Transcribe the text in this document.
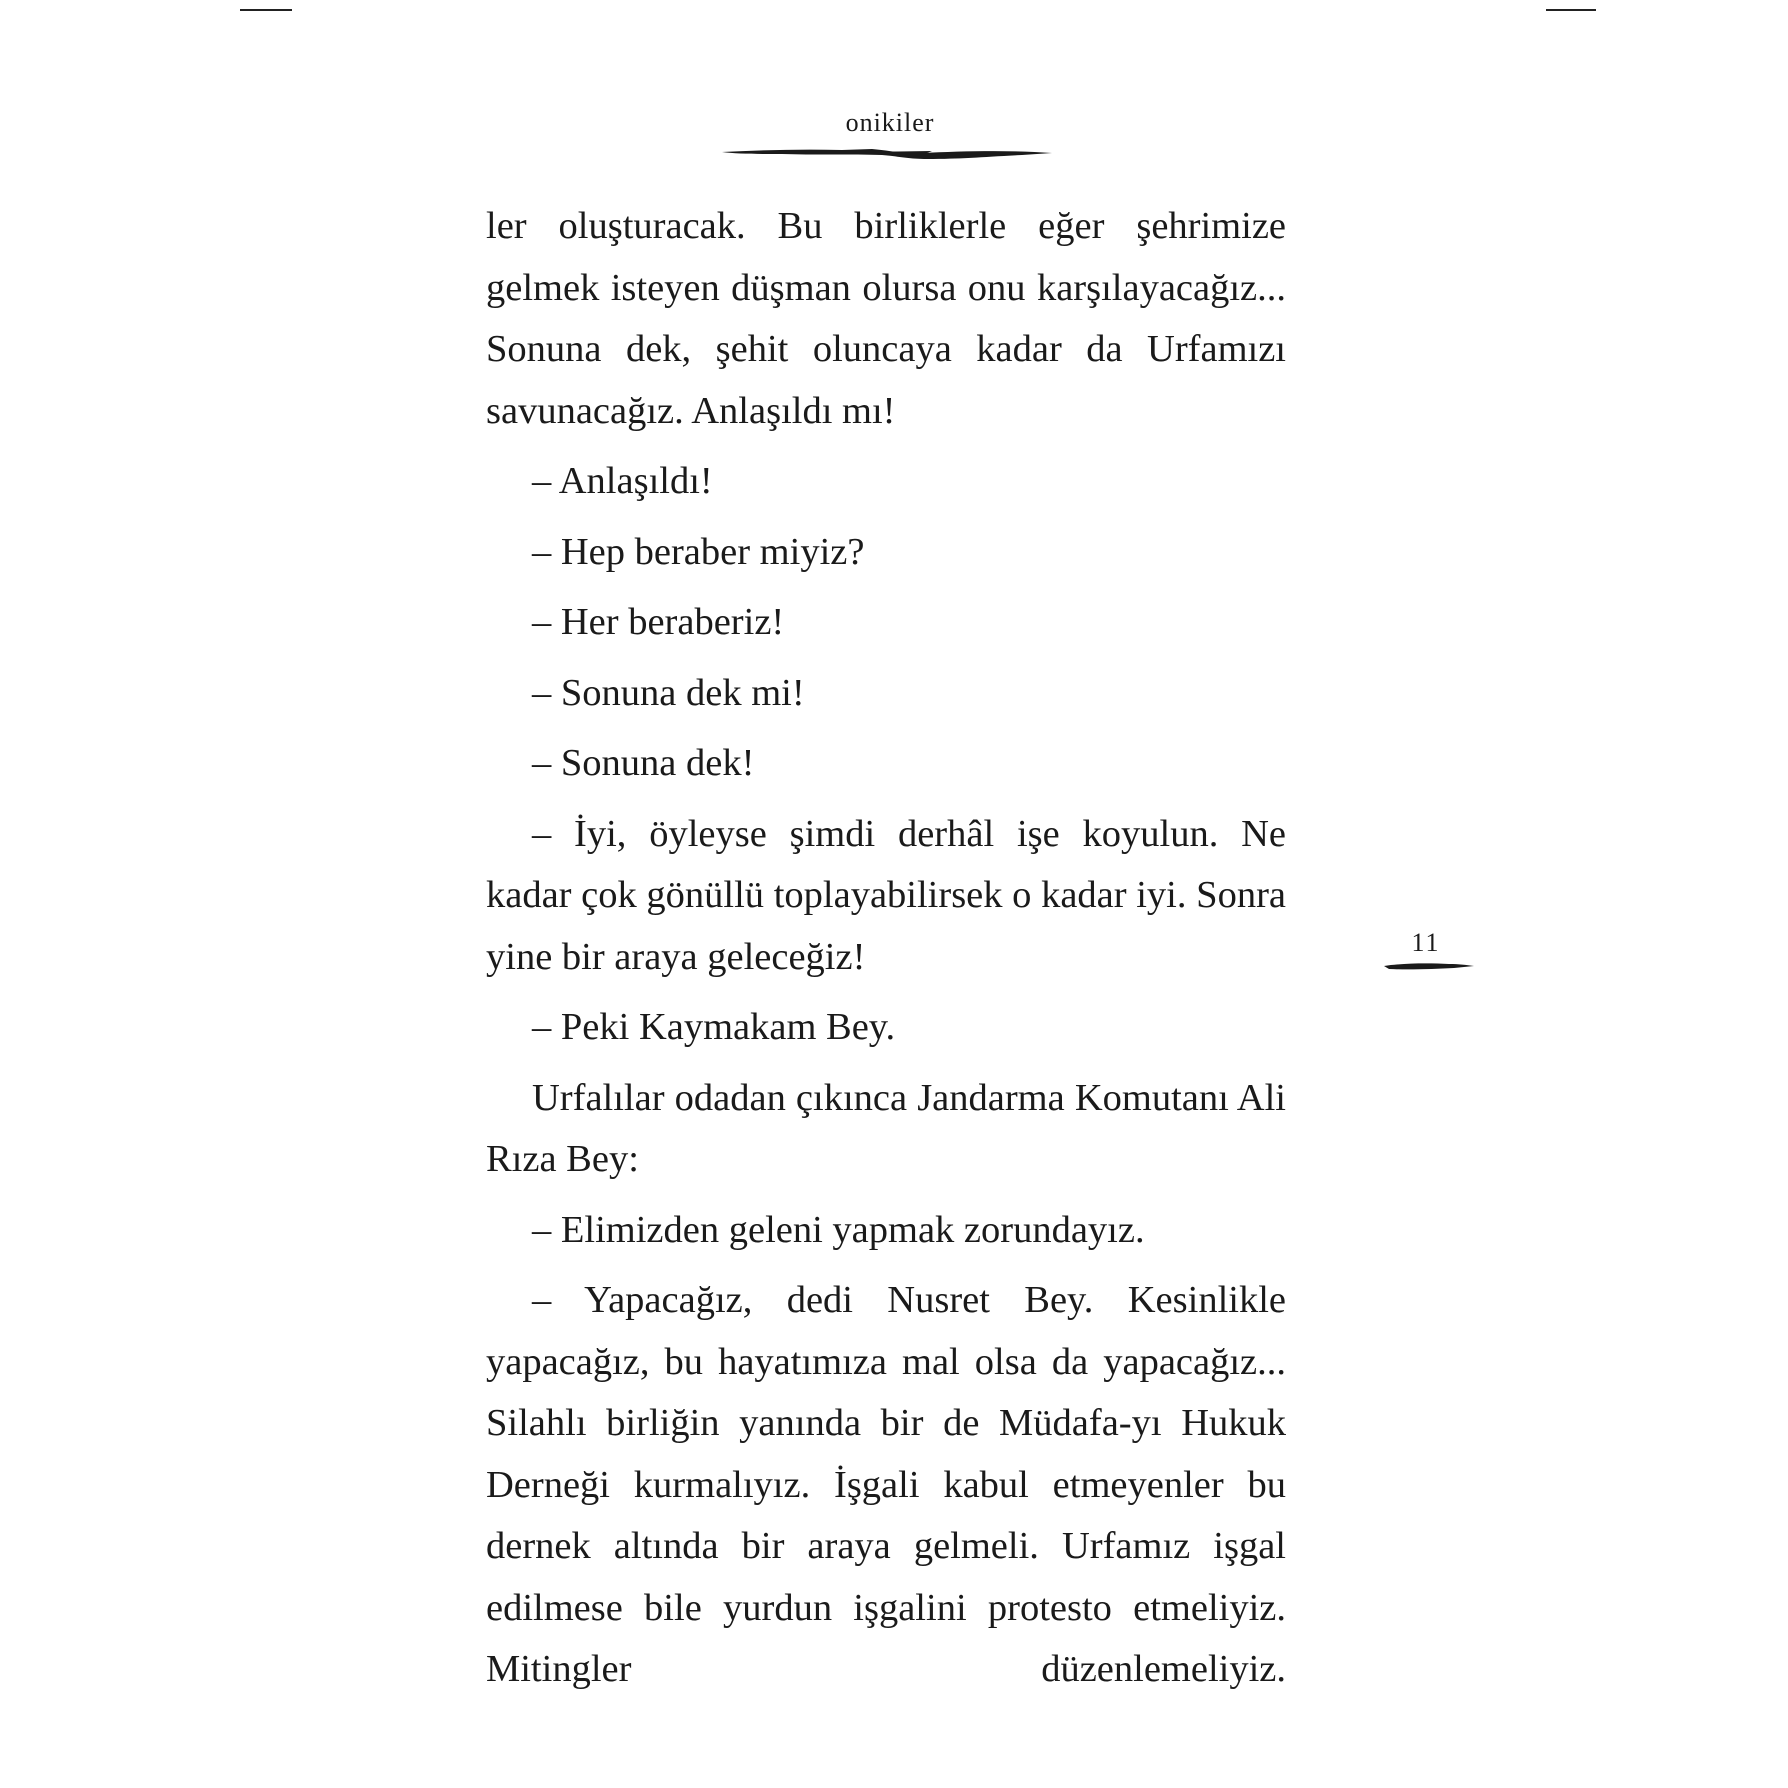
onikiler
11

ler oluşturacak. Bu birliklerle eğer şehrimize gelmek isteyen düşman olursa onu karşılayacağız... Sonuna dek, şehit oluncaya kadar da Urfamızı savunacağız. Anlaşıldı mı!

– Anlaşıldı!

– Hep beraber miyiz?

– Her beraberiz!

– Sonuna dek mi!

– Sonuna dek!

– İyi, öyleyse şimdi derhâl işe koyulun. Ne kadar çok gönüllü toplayabilirsek o kadar iyi. Sonra yine bir araya geleceğiz!

– Peki Kaymakam Bey.

Urfalılar odadan çıkınca Jandarma Komutanı Ali Rıza Bey:

– Elimizden geleni yapmak zorundayız.

– Yapacağız, dedi Nusret Bey. Kesinlikle yapacağız, bu hayatımıza mal olsa da yapacağız... Silahlı birliğin yanında bir de Müdafa-yı Hukuk Derneği kurmalıyız. İşgali kabul etmeyenler bu dernek altında bir araya gelmeli. Urfamız işgal edilmese bile yurdun işgalini protesto etmeliyiz. Mitingler düzenlemeliyiz.
